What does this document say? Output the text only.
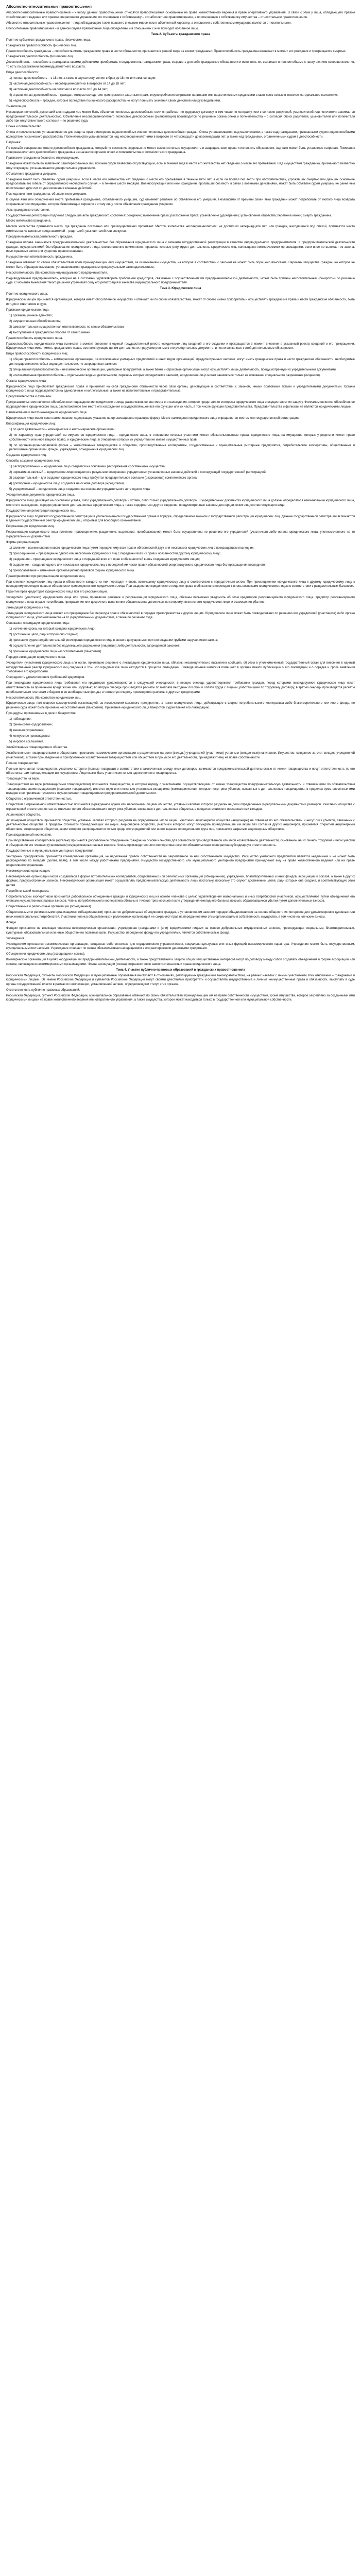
Абсолютно-относительные правоотношения

Абсолютно-относительные правоотношения – к числу данных правоотношений относятся правоотношения основанные на праве хозяйственного ведения и праве оперативного управления. В связи с этим у лица, обладающего правом хозяйственного ведения или правом оперативного управления, по отношению к собственнику – это абсолютное правоотношение, а по отношению к собственнику имущества – относительное правоотношение.

Абсолютно-относительные правоотношения – лица обладающего таким правом с внешним миром носят абсолютный характер, а отношения с собственником имущества являются относительными.

Относительные правоотношения – в данном случае правомочные лица определены и в отношениях с ним приходит обязанное лицо.

Тема 2. Субъекты гражданского права

Понятие субъектов гражданского права. Физические лица.

Гражданская правоспособность физических лиц.

Правоспособность гражданина – способность иметь гражданские права и нести обязанности, признается в равной мере за всеми гражданами. Правоспособность гражданина возникает в момент его рождения и прекращается смертью.

Гражданская дееспособность физических лиц.

Дееспособность – способность гражданина своими действиями приобретать и осуществлять гражданские права, создавать для себя гражданские обязанности и исполнять их, возникает в полном объеме с наступлением совершеннолетия, то есть по достижении восемнадцатилетнего возраста.

Виды дееспособности:

1) полная дееспособность – с 18 лет, а также в случае вступления в брак до 18 лет или эмансипации;

2) частичная дееспособность – несовершеннолетних в возрасте от 14 до 18 лет;

3) частичная дееспособность малолетних в возрасте от 6 до 14 лет;

4) ограниченная дееспособность – граждан, которые вследствие пристрастия к азартным играм, злоупотребления спиртными напитками или наркотическими средствами ставят свою семью в тяжелое материальное положение;

5) недееспособность – граждан, которые вследствие психического расстройства не могут понимать значения своих действий или руководить ими.

Эмансипация.

Несовершеннолетний, достигший шестнадцати лет, может быть объявлен полностью дееспособным, если он работает по трудовому договору, в том числе по контракту, или с согласия родителей, усыновителей или попечителя занимается предпринимательской деятельностью. Объявление несовершеннолетнего полностью дееспособным (эмансипация) производится по решению органа опеки и попечительства – с согласия обоих родителей, усыновителей или попечителя либо при отсутствии такого согласия – по решению суда.

Опека и попечительство.

Опека и попечительство устанавливаются для защиты прав и интересов недееспособных или не полностью дееспособных граждан. Опека устанавливается над малолетними, а также над гражданами, признанными судом недееспособными вследствие психического расстройства. Попечительство устанавливается над несовершеннолетними в возрасте от четырнадцати до восемнадцати лет, а также над гражданами, ограниченными судом в дееспособности.

Патронаж.

По просьбе совершеннолетнего дееспособного гражданина, который по состоянию здоровья не может самостоятельно осуществлять и защищать свои права и исполнять обязанности, над ним может быть установлен патронаж. Помощник совершеннолетнего дееспособного гражданина назначается органом опеки и попечительства с согласия такого гражданина.

Признание гражданина безвестно отсутствующим.

Гражданин может быть по заявлению заинтересованных лиц признан судом безвестно отсутствующим, если в течение года в месте его жительства нет сведений о месте его пребывания. Над имуществом гражданина, признанного безвестно отсутствующим, устанавливается доверительное управление.

Объявление гражданина умершим.

Гражданин может быть объявлен судом умершим, если в месте его жительства нет сведений о месте его пребывания в течение пяти лет, а если он пропал без вести при обстоятельствах, угрожавших смертью или дающих основание предполагать его гибель от определенного несчастного случая, – в течение шести месяцев. Военнослужащий или иной гражданин, пропавший без вести в связи с военными действиями, может быть объявлен судом умершим не ранее чем по истечении двух лет со дня окончания военных действий.

Последствия явки гражданина, объявленного умершим.

В случае явки или обнаружения места пребывания гражданина, объявленного умершим, суд отменяет решение об объявлении его умершим. Независимо от времени своей явки гражданин может потребовать от любого лица возврата сохранившегося имущества, которое безвозмездно перешло к этому лицу после объявления гражданина умершим.

Акты гражданского состояния.

Государственной регистрации подлежат следующие акты гражданского состояния: рождение; заключение брака; расторжение брака; усыновление (удочерение); установление отцовства; перемена имени; смерть гражданина.

Место жительства гражданина.

Местом жительства признается место, где гражданин постоянно или преимущественно проживает. Местом жительства несовершеннолетних, не достигших четырнадцати лет, или граждан, находящихся под опекой, признается место жительства их законных представителей – родителей, усыновителей или опекунов.

Предпринимательская деятельность граждан.

Гражданин вправе заниматься предпринимательской деятельностью без образования юридического лица с момента государственной регистрации в качестве индивидуального предпринимателя. К предпринимательской деятельности граждан, осуществляемой без образования юридического лица, соответственно применяются правила, которые регулируют деятельность юридических лиц, являющихся коммерческими организациями, если иное не вытекает из закона, иных правовых актов или существа правоотношения.

Имущественная ответственность гражданина.

Гражданин отвечает по своим обязательствам всем принадлежащим ему имуществом, за исключением имущества, на которое в соответствии с законом не может быть обращено взыскание. Перечень имущества граждан, на которое не может быть обращено взыскание, устанавливается гражданским процессуальным законодательством.

Несостоятельность (банкротство) индивидуального предпринимателя.

Индивидуальный предприниматель, который не в состоянии удовлетворить требования кредиторов, связанные с осуществлением им предпринимательской деятельности, может быть признан несостоятельным (банкротом) по решению суда. С момента вынесения такого решения утрачивает силу его регистрация в качестве индивидуального предпринимателя.

Тема 3. Юридические лица

Понятие юридического лица.

Юридическим лицом признается организация, которая имеет обособленное имущество и отвечает им по своим обязательствам, может от своего имени приобретать и осуществлять гражданские права и нести гражданские обязанности, быть истцом и ответчиком в суде.

Признаки юридического лица:

1) организационное единство;

2) имущественная обособленность;

3) самостоятельная имущественная ответственность по своим обязательствам;

4) выступление в гражданском обороте от своего имени.

Правоспособность юридического лица.

Правоспособность юридического лица возникает в момент внесения в единый государственный реестр юридических лиц сведений о его создании и прекращается в момент внесения в указанный реестр сведений о его прекращении. Юридическое лицо может иметь гражданские права, соответствующие целям деятельности, предусмотренным в его учредительном документе, и нести связанные с этой деятельностью обязанности.

Виды правоспособности юридических лиц:

1) общая правоспособность – коммерческие организации, за исключением унитарных предприятий и иных видов организаций, предусмотренных законом, могут иметь гражданские права и нести гражданские обязанности, необходимые для осуществления любых видов деятельности, не запрещенных законом;

2) специальная правоспособность – некоммерческие организации, унитарные предприятия, а также банки и страховые организации могут осуществлять лишь деятельность, предусмотренную их учредительными документами;

3) исключительная правоспособность – отдельными видами деятельности, перечень которых определяется законом, юридическое лицо может заниматься только на основании специального разрешения (лицензии).

Органы юридического лица.

Юридическое лицо приобретает гражданские права и принимает на себя гражданские обязанности через свои органы, действующие в соответствии с законом, иными правовыми актами и учредительными документами. Органы юридического лица подразделяются на единоличные и коллегиальные, а также на исполнительные и представительные.

Представительства и филиалы.

Представительством является обособленное подразделение юридического лица, расположенное вне места его нахождения, которое представляет интересы юридического лица и осуществляет их защиту. Филиалом является обособленное подразделение юридического лица, расположенное вне места его нахождения и осуществляющее все его функции или их часть, в том числе функции представительства. Представительства и филиалы не являются юридическими лицами.

Наименование и место нахождения юридического лица.

Юридическое лицо имеет свое наименование, содержащее указание на организационно-правовую форму. Место нахождения юридического лица определяется местом его государственной регистрации.

Классификация юридических лиц:

1) по цели деятельности – коммерческие и некоммерческие организации;

2) по характеру прав учредителей на имущество юридического лица – юридические лица, в отношении которых участники имеют обязательственные права, юридические лица, на имущество которых учредители имеют право собственности или иное вещное право, и юридические лица, в отношении которых их учредители не имеют имущественных прав;

3) по организационно-правовой форме – хозяйственные товарищества и общества, производственные кооперативы, государственные и муниципальные унитарные предприятия, потребительские кооперативы, общественные и религиозные организации, фонды, учреждения, объединения юридических лиц.

Создание юридических лиц.

Способы создания юридических лиц:

1) распорядительный – юридическое лицо создается на основании распоряжения собственника имущества;

2) нормативно-явочный – юридическое лицо создается в результате совершения учредителями установленных законом действий с последующей государственной регистрацией;

3) разрешительный – для создания юридического лица требуется предварительное согласие (разрешение) компетентного органа;

4) договорный – юридическое лицо создается на основе договора учредителей;

5) учредительный – юридическое лицо создается на основании учредительного акта одного лица.

Учредительные документы юридического лица.

Юридическое лицо действует на основании устава, либо учредительного договора и устава, либо только учредительного договора. В учредительных документах юридического лица должны определяться наименование юридического лица, место его нахождения, порядок управления деятельностью юридического лица, а также содержаться другие сведения, предусмотренные законом для юридических лиц соответствующего вида.

Государственная регистрация юридических лиц.

Юридическое лицо подлежит государственной регистрации в уполномоченном государственном органе в порядке, определяемом законом о государственной регистрации юридических лиц. Данные государственной регистрации включаются в единый государственный реестр юридических лиц, открытый для всеобщего ознакомления.

Реорганизация юридических лиц.

Реорганизация юридического лица (слияние, присоединение, разделение, выделение, преобразование) может быть осуществлена по решению его учредителей (участников) либо органа юридического лица, уполномоченного на то учредительными документами.

Формы реорганизации:

1) слияние – возникновение нового юридического лица путем передачи ему всех прав и обязанностей двух или нескольких юридических лиц с прекращением последних;

2) присоединение – прекращение одного или нескольких юридических лиц с передачей всех их прав и обязанностей другому юридическому лицу;

3) разделение – прекращение юридического лица с передачей всех его прав и обязанностей вновь созданным юридическим лицам;

4) выделение – создание одного или нескольких юридических лиц с передачей им части прав и обязанностей реорганизуемого юридического лица без прекращения последнего;

5) преобразование – изменение организационно-правовой формы юридического лица.

Правопреемство при реорганизации юридических лиц.

При слиянии юридических лиц права и обязанности каждого из них переходят к вновь возникшему юридическому лицу в соответствии с передаточным актом. При присоединении юридического лица к другому юридическому лицу к последнему переходят права и обязанности присоединенного юридического лица. При разделении юридического лица его права и обязанности переходят к вновь возникшим юридическим лицам в соответствии с разделительным балансом.

Гарантии прав кредиторов юридического лица при его реорганизации.

Учредители (участники) юридического лица или орган, принявшие решение о реорганизации юридического лица, обязаны письменно уведомить об этом кредиторов реорганизуемого юридического лица. Кредитор реорганизуемого юридического лица вправе потребовать прекращения или досрочного исполнения обязательства, должником по которому является это юридическое лицо, и возмещения убытков.

Ликвидация юридических лиц.

Ликвидация юридического лица влечет его прекращение без перехода прав и обязанностей в порядке правопреемства к другим лицам. Юридическое лицо может быть ликвидировано по решению его учредителей (участников) либо органа юридического лица, уполномоченного на то учредительными документами, а также по решению суда.

Основания ликвидации юридического лица:

1) истечение срока, на который создано юридическое лицо;

2) достижение цели, ради которой оно создано;

3) признание судом недействительной регистрации юридического лица в связи с допущенными при его создании грубыми нарушениями закона;

4) осуществление деятельности без надлежащего разрешения (лицензии) либо деятельности, запрещенной законом;

5) признание юридического лица несостоятельным (банкротом).

Порядок ликвидации юридического лица.

Учредители (участники) юридического лица или орган, принявшие решение о ликвидации юридического лица, обязаны незамедлительно письменно сообщить об этом в уполномоченный государственный орган для внесения в единый государственный реестр юридических лиц сведения о том, что юридическое лицо находится в процессе ликвидации. Ликвидационная комиссия помещает в органах печати публикацию о его ликвидации и о порядке и сроке заявления требований его кредиторами.

Очередность удовлетворения требований кредиторов.

При ликвидации юридического лица требования его кредиторов удовлетворяются в следующей очередности: в первую очередь удовлетворяются требования граждан, перед которыми ликвидируемое юридическое лицо несет ответственность за причинение вреда жизни или здоровью; во вторую очередь производятся расчеты по выплате выходных пособий и оплате труда с лицами, работающими по трудовому договору; в третью очередь производятся расчеты по обязательным платежам в бюджет и во внебюджетные фонды; в четвертую очередь производятся расчеты с другими кредиторами.

Несостоятельность (банкротство) юридических лиц.

Юридическое лицо, являющееся коммерческой организацией, за исключением казенного предприятия, а также юридическое лицо, действующее в форме потребительского кооператива либо благотворительного или иного фонда, по решению суда может быть признано несостоятельным (банкротом). Признание юридического лица банкротом судом влечет его ликвидацию.

Процедуры, применяемые в деле о банкротстве:

1) наблюдение;

2) финансовое оздоровление;

3) внешнее управление;

4) конкурсное производство;

5) мировое соглашение.

Хозяйственные товарищества и общества.

Хозяйственными товариществами и обществами признаются коммерческие организации с разделенным на доли (вклады) учредителей (участников) уставным (складочным) капиталом. Имущество, созданное за счет вкладов учредителей (участников), а также произведенное и приобретенное хозяйственным товариществом или обществом в процессе его деятельности, принадлежит ему на праве собственности.

Полное товарищество.

Полным признается товарищество, участники которого (полные товарищи) в соответствии с заключенным между ними договором занимаются предпринимательской деятельностью от имени товарищества и несут ответственность по его обязательствам принадлежащим им имуществом. Лицо может быть участником только одного полного товарищества.

Товарищество на вере.

Товариществом на вере (коммандитным товариществом) признается товарищество, в котором наряду с участниками, осуществляющими от имени товарищества предпринимательскую деятельность и отвечающими по обязательствам товарищества своим имуществом (полными товарищами), имеется один или несколько участников-вкладчиков (коммандитистов), которые несут риск убытков, связанных с деятельностью товарищества, в пределах сумм внесенных ими вкладов и не принимают участия в осуществлении товариществом предпринимательской деятельности.

Общество с ограниченной ответственностью.

Обществом с ограниченной ответственностью признается учрежденное одним или несколькими лицами общество, уставный капитал которого разделен на доли определенных учредительными документами размеров. Участники общества с ограниченной ответственностью не отвечают по его обязательствам и несут риск убытков, связанных с деятельностью общества, в пределах стоимости внесенных ими вкладов.

Акционерное общество.

Акционерным обществом признается общество, уставный капитал которого разделен на определенное число акций. Участники акционерного общества (акционеры) не отвечают по его обязательствам и несут риск убытков, связанных с деятельностью общества, в пределах стоимости принадлежащих им акций. Акционерное общество, участники которого могут отчуждать принадлежащие им акции без согласия других акционеров, признается открытым акционерным обществом. Акционерное общество, акции которого распределяются только среди его учредителей или иного заранее определенного круга лиц, признается закрытым акционерным обществом.

Производственный кооператив.

Производственным кооперативом (артелью) признается добровольное объединение граждан на основе членства для совместной производственной или иной хозяйственной деятельности, основанной на их личном трудовом и ином участии и объединении его членами (участниками) имущественных паевых взносов. Члены производственного кооператива несут по обязательствам кооператива субсидиарную ответственность.

Государственные и муниципальные унитарные предприятия.

Унитарным предприятием признается коммерческая организация, не наделенная правом собственности на закрепленное за ней собственником имущество. Имущество унитарного предприятия является неделимым и не может быть распределено по вкладам (долям, паям), в том числе между работниками предприятия. Имущество государственного или муниципального унитарного предприятия принадлежит ему на праве хозяйственного ведения или на праве оперативного управления.

Некоммерческие организации.

Некоммерческие организации могут создаваться в форме потребительских кооперативов, общественных или религиозных организаций (объединений), учреждений, благотворительных и иных фондов, ассоциаций и союзов, а также в других формах, предусмотренных законом. Некоммерческая организация может осуществлять предпринимательскую деятельность лишь постольку, поскольку это служит достижению целей, ради которых она создана, и соответствующую этим целям.

Потребительский кооператив.

Потребительским кооперативом признается добровольное объединение граждан и юридических лиц на основе членства с целью удовлетворения материальных и иных потребностей участников, осуществляемое путем объединения его членами имущественных паевых взносов. Члены потребительского кооператива обязаны в течение трех месяцев после утверждения ежегодного баланса покрыть образовавшиеся убытки путем дополнительных взносов.

Общественные и религиозные организации (объединения).

Общественными и религиозными организациями (объединениями) признаются добровольные объединения граждан, в установленном законом порядке объединившихся на основе общности их интересов для удовлетворения духовных или иных нематериальных потребностей. Участники (члены) общественных и религиозных организаций не сохраняют прав на переданное ими этим организациям в собственность имущество, в том числе на членские взносы.

Фонды.

Фондом признается не имеющая членства некоммерческая организация, учрежденная гражданами и (или) юридическими лицами на основе добровольных имущественных взносов, преследующая социальные, благотворительные, культурные, образовательные или иные общественно полезные цели. Имущество, переданное фонду его учредителями, является собственностью фонда.

Учреждения.

Учреждением признается некоммерческая организация, созданная собственником для осуществления управленческих, социально-культурных или иных функций некоммерческого характера. Учреждение может быть государственным, муниципальным или частным. Учреждение отвечает по своим обязательствам находящимися в его распоряжении денежными средствами.

Объединения юридических лиц (ассоциации и союзы).

Коммерческие организации в целях координации их предпринимательской деятельности, а также представления и защиты общих имущественных интересов могут по договору между собой создавать объединения в форме ассоциаций или союзов, являющиеся некоммерческими организациями. Члены ассоциации (союза) сохраняют свою самостоятельность и права юридического лица.

Тема 4. Участие публично-правовых образований в гражданских правоотношениях

Российская Федерация, субъекты Российской Федерации и муниципальные образования выступают в отношениях, регулируемых гражданским законодательством, на равных началах с иными участниками этих отношений – гражданами и юридическими лицами. От имени Российской Федерации и субъектов Российской Федерации могут своими действиями приобретать и осуществлять имущественные и личные неимущественные права и обязанности, выступать в суде органы государственной власти в рамках их компетенции, установленной актами, определяющими статус этих органов.

Ответственность публично-правовых образований.

Российская Федерация, субъект Российской Федерации, муниципальное образование отвечают по своим обязательствам принадлежащим им на праве собственности имуществом, кроме имущества, которое закреплено за созданными ими юридическими лицами на праве хозяйственного ведения или оперативного управления, а также имущества, которое может находиться только в государственной или муниципальной собственности.
